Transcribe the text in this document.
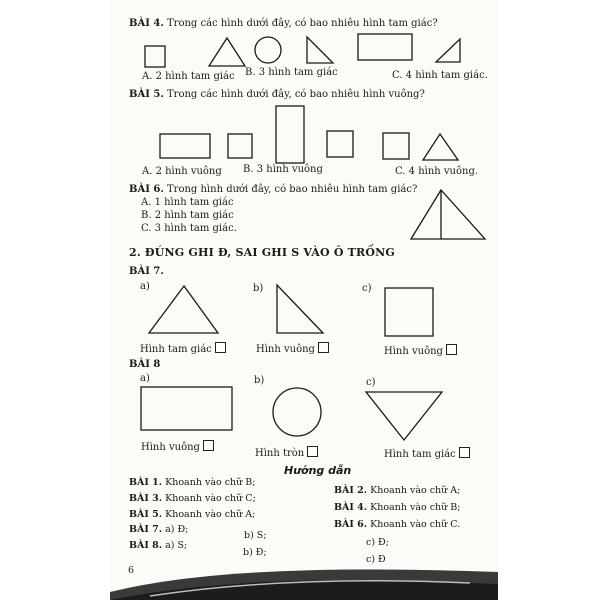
BÀI 4. Trong các hình dưới đây, có bao nhiêu hình tam giác?
A. 2 hình tam giác B. 3 hình tam giác	C. 4 hình tam giác.
BÀI 5. Trong các hình dưới đây, có bao nhiêu hình vuông?
A. 2 hình vuông B. 3 hình vuông	C. 4 hình vuông.
BÀI 6. Trong hình dưới đây, có bao nhiêu hình tam giác?
A. 1 hình tam giác
B. 2 hình tam giác
C. 3 hình tam giác.
2. ĐÚNG GHI Đ, SAI GHI S VÀO Ô TRỐNG
BÀI 7.
a)	b)	c)
Hình tam giác	Hình vuông	Hình vuông
BÀI 8
a)	b)	c)
Hình vuông
Hình tròn	Hình tam giác
Hướng dẫn
BÀI 1. Khoanh vào chữ B;
BÀI 3. Khoanh vào chữ C;
BÀI 5. Khoanh vào chữ A;
BÀI 2. Khoanh vào chữ A;
BÀI 4. Khoanh vào chữ B;
BÀI 6. Khoanh vào chữ C.
BÀI 7. a) Đ;
b) S;
c) Đ;
BÀI 8. a) S;
b) Đ;
c) Đ
6
